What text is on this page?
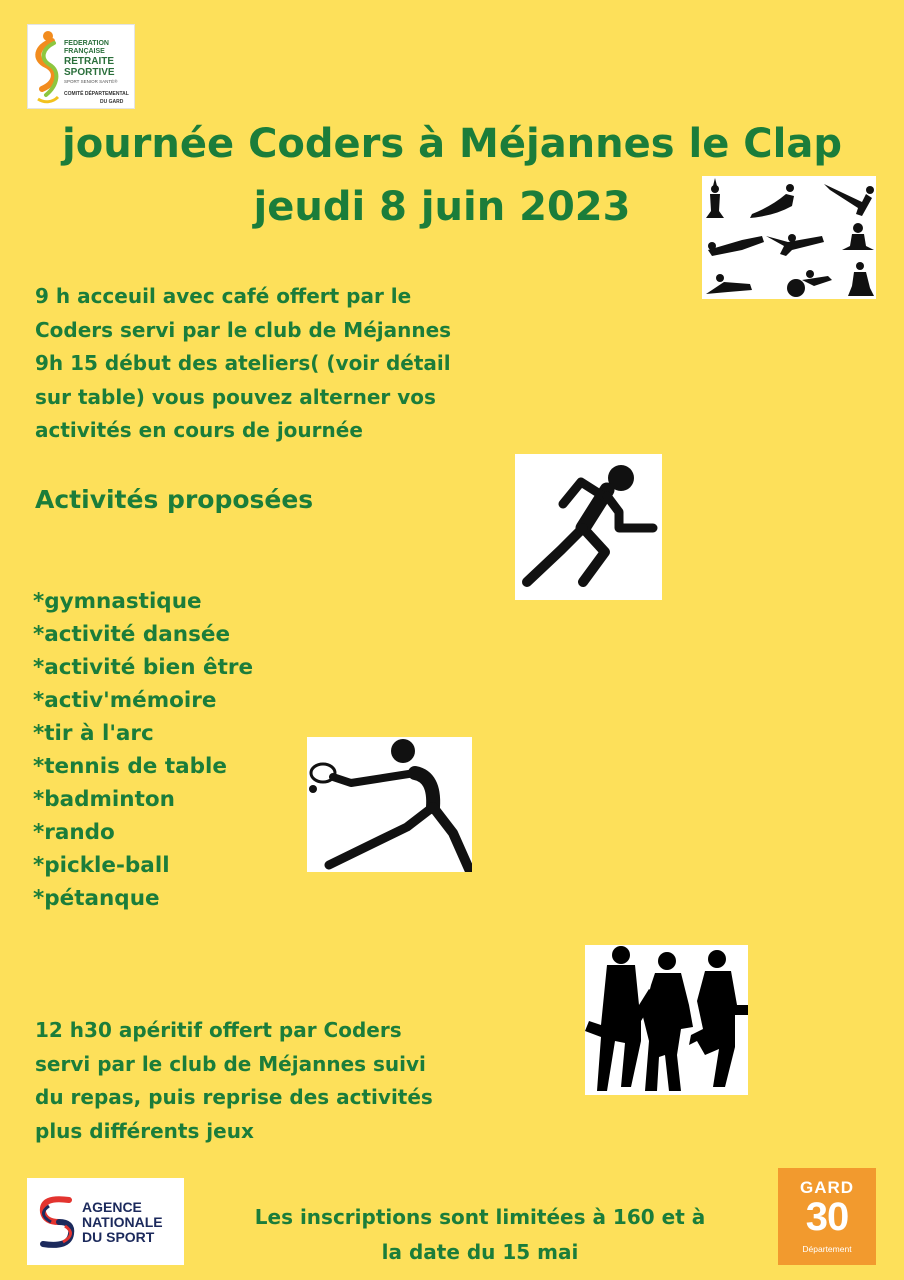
FEDERATION
FRANÇAISE
RETRAITE
SPORTIVE
SPORT SENIOR SANTÉ®
COMITÉ DÉPARTEMENTAL
DU GARD
journée Coders à Méjannes le Clap
jeudi 8 juin 2023
9 h acceuil avec café offert par le
Coders servi par le club de Méjannes
9h 15 début des ateliers( (voir détail
sur table) vous pouvez alterner vos
activités en cours de journée
Activités proposées
*gymnastique
*activité dansée
*activité bien être
*activ'mémoire
*tir à l'arc
*tennis de table
*badminton
*rando
*pickle-ball
*pétanque
12 h30 apéritif offert par Coders
servi par le club de Méjannes suivi
du repas, puis reprise des activités
plus différents jeux
AGENCE
NATIONALE
DU SPORT
Les inscriptions sont limitées à 160 et à
la date du 15 mai
GARD
30
Département
